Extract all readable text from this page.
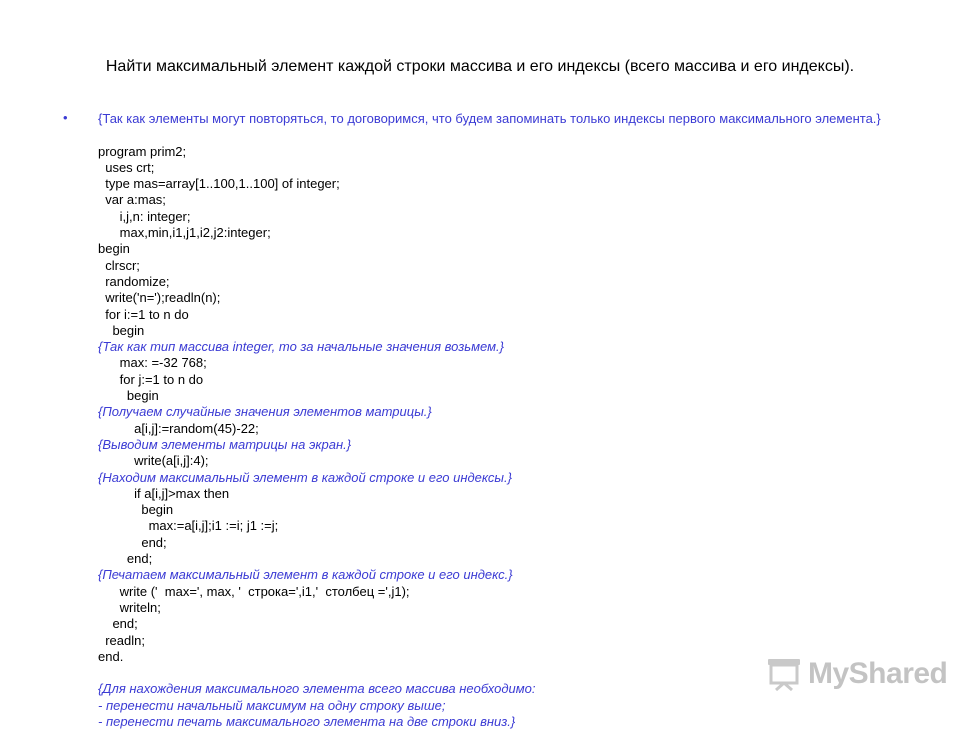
Найти максимальный элемент каждой строки массива и его индексы (всего массива и его индексы).
• {Так как элементы могут повторяться, то договоримся, что будем запоминать только индексы первого максимального элемента.}
program prim2;
uses crt;
type mas=array[1..100,1..100] of integer;
var a:mas;
i,j,n: integer;
max,min,i1,j1,i2,j2:integer;
begin
clrscr;
randomize;
write('n=');readln(n);
for i:=1 to n do
begin
{Так как тип массива integer, то за начальные значения возьмем.}
max: =-32 768;
for j:=1 to n do
begin
{Получаем случайные значения элементов матрицы.}
a[i,j]:=random(45)-22;
{Выводим элементы матрицы на экран.}
write(a[i,j]:4);
{Находим максимальный элемент в каждой строке и его индексы.}
if a[i,j]>max then
begin
max:=a[i,j];i1 :=i; j1 :=j;
end;
end;
{Печатаем максимальный элемент в каждой строке и его индекс.}
write ('  max=', max, '  строка=',i1,'  столбец =',j1);
writeln;
end;
readln;
end.
{Для нахождения максимального элемента всего массива необходимо:
- перенести начальный максимум на одну строку выше;
- перенести печать максимального элемента на две строки вниз.}
MyShared
